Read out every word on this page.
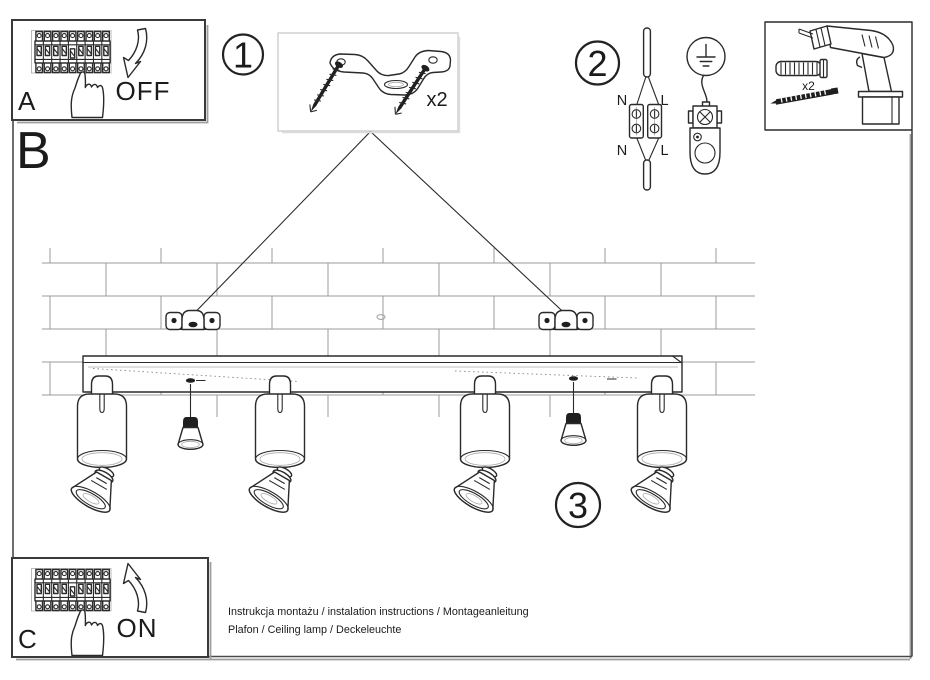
B
3
OFF
A
1
x2
2
N L
N L
x2
ON
C
Instrukcja montażu / instalation instructions / Montageanleitung
Plafon / Ceiling lamp / Deckeleuchte
